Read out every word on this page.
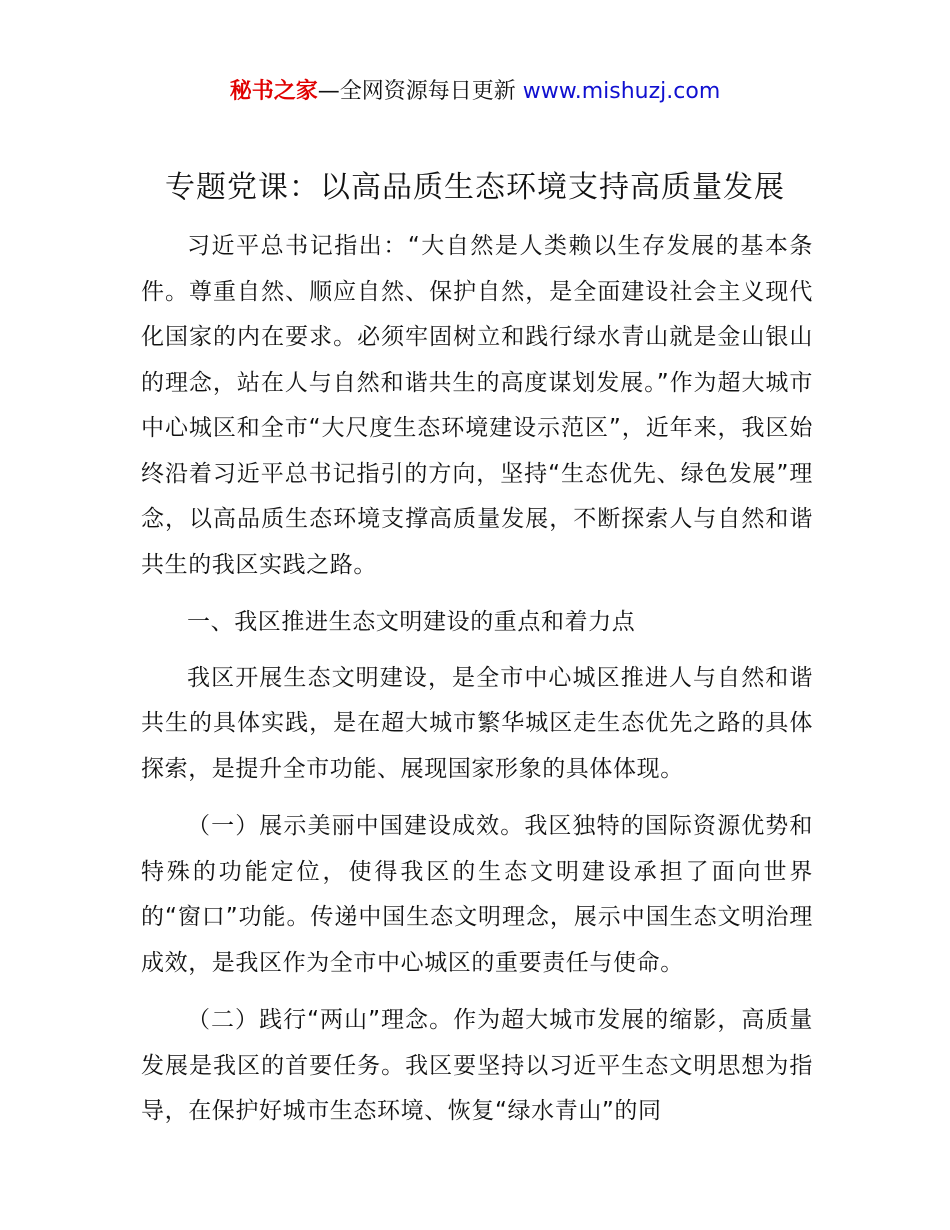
秘书之家—全网资源每日更新 www.mishuzj.com
专题党课：以高品质生态环境支持高质量发展

习近平总书记指出：“大自然是人类赖以生存发展的基本条件。尊重自然、顺应自然、保护自然，是全面建设社会主义现代化国家的内在要求。必须牢固树立和践行绿水青山就是金山银山的理念，站在人与自然和谐共生的高度谋划发展。”作为超大城市中心城区和全市“大尺度生态环境建设示范区”，近年来，我区始终沿着习近平总书记指引的方向，坚持“生态优先、绿色发展”理念，以高品质生态环境支撑高质量发展，不断探索人与自然和谐共生的我区实践之路。

一、我区推进生态文明建设的重点和着力点

我区开展生态文明建设，是全市中心城区推进人与自然和谐共生的具体实践，是在超大城市繁华城区走生态优先之路的具体探索，是提升全市功能、展现国家形象的具体体现。

（一）展示美丽中国建设成效。我区独特的国际资源优势和特殊的功能定位，使得我区的生态文明建设承担了面向世界的“窗口”功能。传递中国生态文明理念，展示中国生态文明治理成效，是我区作为全市中心城区的重要责任与使命。

（二）践行“两山”理念。作为超大城市发展的缩影，高质量发展是我区的首要任务。我区要坚持以习近平生态文明思想为指导，在保护好城市生态环境、恢复“绿水青山”的同
